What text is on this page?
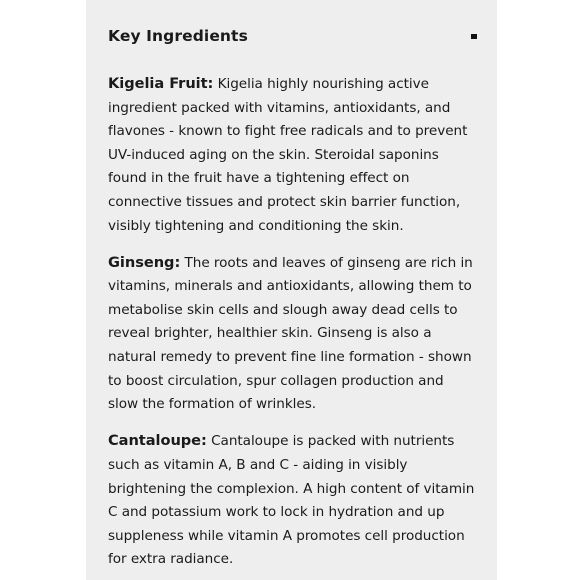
Key Ingredients

Kigelia Fruit: Kigelia highly nourishing active ingredient packed with vitamins, antioxidants, and flavones - known to fight free radicals and to prevent UV-induced aging on the skin. Steroidal saponins found in the fruit have a tightening effect on connective tissues and protect skin barrier function, visibly tightening and conditioning the skin.

Ginseng: The roots and leaves of ginseng are rich in vitamins, minerals and antioxidants, allowing them to metabolise skin cells and slough away dead cells to reveal brighter, healthier skin. Ginseng is also a natural remedy to prevent fine line formation - shown to boost circulation, spur collagen production and slow the formation of wrinkles.

Cantaloupe: Cantaloupe is packed with nutrients such as vitamin A, B and C - aiding in visibly brightening the complexion. A high content of vitamin C and potassium work to lock in hydration and up suppleness while vitamin A promotes cell production for extra radiance.
